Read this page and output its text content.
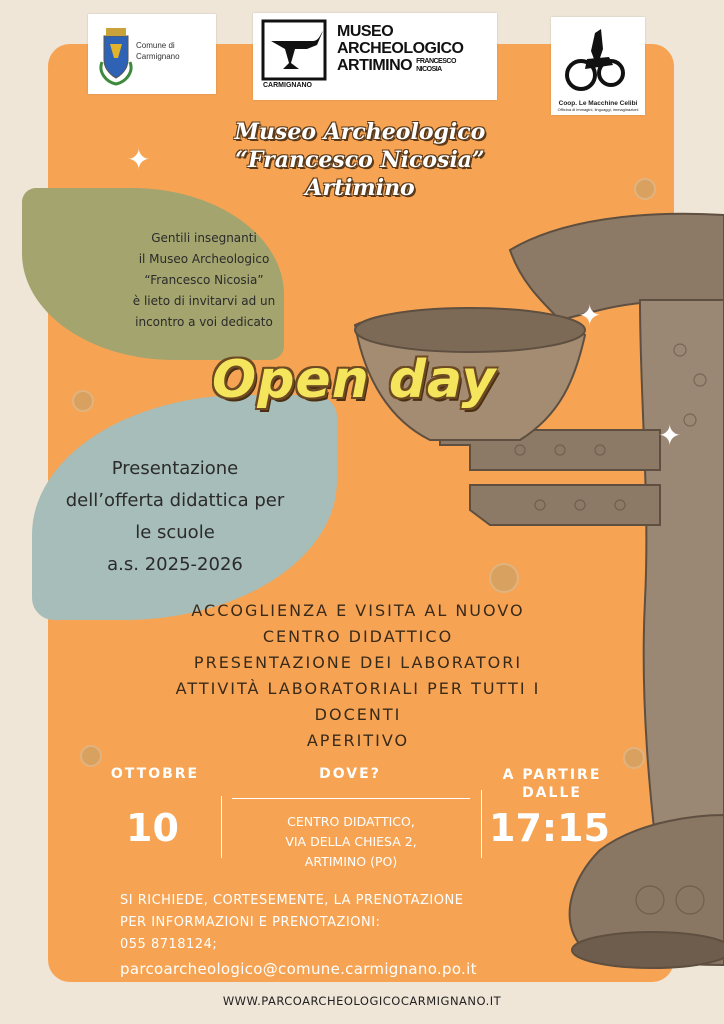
Comune di
Carmignano
MUSEO
ARCHEOLOGICO
ARTIMINO FRANCESCO
NICOSIA
CARMIGNANO
Coop. Le Macchine Celibi
Officina di immagini, linguaggi, immaginazioni
Museo Archeologico
“Francesco Nicosia”
Artimino
✦
✦
✦
Gentili insegnanti
il Museo Archeologico
“Francesco Nicosia”
è lieto di invitarvi ad un
incontro a voi dedicato
Presentazione
dell’offerta didattica per
le scuole
a.s. 2025-2026
Open day
ACCOGLIENZA E VISITA AL NUOVO
CENTRO DIDATTICO
PRESENTAZIONE DEI LABORATORI
ATTIVITÀ LABORATORIALI PER TUTTI I
DOCENTI
APERITIVO
OTTOBRE
10
DOVE?
CENTRO DIDATTICO,
VIA DELLA CHIESA 2,
ARTIMINO (PO)
A PARTIRE
DALLE
17:15
SI RICHIEDE, CORTESEMENTE, LA PRENOTAZIONE
PER INFORMAZIONI E PRENOTAZIONI:
055 8718124;
parcoarcheologico@comune.carmignano.po.it
WWW.PARCOARCHEOLOGICOCARMIGNANO.IT
